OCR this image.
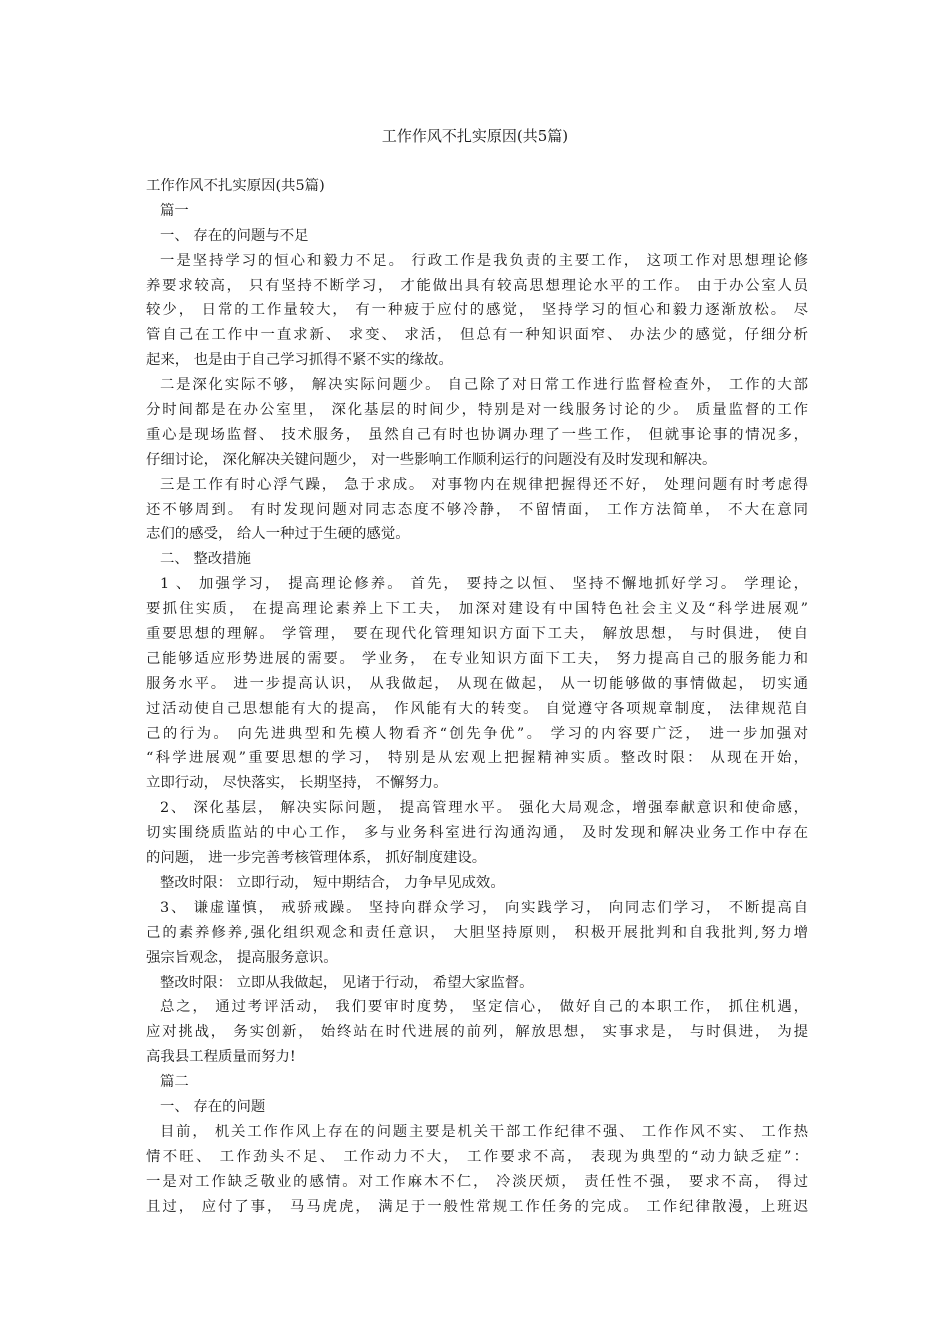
工作作风不扎实原因(共5篇)
工作作风不扎实原因(共5篇)
篇一
一、 存在的问题与不足
一是坚持学习的恒心和毅力不足。 行政工作是我负责的主要工作， 这项工作对思想理论修
养要求较高， 只有坚持不断学习， 才能做出具有较高思想理论水平的工作。 由于办公室人员
较少， 日常的工作量较大， 有一种疲于应付的感觉， 坚持学习的恒心和毅力逐渐放松。 尽
管自己在工作中一直求新、 求变、 求活， 但总有一种知识面窄、 办法少的感觉，仔细分析
起来， 也是由于自己学习抓得不紧不实的缘故。
二是深化实际不够， 解决实际问题少。 自己除了对日常工作进行监督检查外， 工作的大部
分时间都是在办公室里， 深化基层的时间少，特别是对一线服务讨论的少。 质量监督的工作
重心是现场监督、 技术服务， 虽然自己有时也协调办理了一些工作， 但就事论事的情况多，
仔细讨论， 深化解决关键问题少， 对一些影响工作顺利运行的问题没有及时发现和解决。
三是工作有时心浮气躁， 急于求成。 对事物内在规律把握得还不好， 处理问题有时考虑得
还不够周到。 有时发现问题对同志态度不够冷静， 不留情面， 工作方法简单， 不大在意同
志们的感受， 给人一种过于生硬的感觉。
二、 整改措施
1 、 加强学习， 提高理论修养。 首先， 要持之以恒、 坚持不懈地抓好学习。 学理论，
要抓住实质， 在提高理论素养上下工夫， 加深对建设有中国特色社会主义及“科学进展观”
重要思想的理解。 学管理， 要在现代化管理知识方面下工夫， 解放思想， 与时俱进， 使自
己能够适应形势进展的需要。 学业务， 在专业知识方面下工夫， 努力提高自己的服务能力和
服务水平。 进一步提高认识， 从我做起， 从现在做起， 从一切能够做的事情做起， 切实通
过活动使自己思想能有大的提高， 作风能有大的转变。 自觉遵守各项规章制度， 法律规范自
己的行为。 向先进典型和先模人物看齐“创先争优”。 学习的内容要广泛， 进一步加强对
“科学进展观”重要思想的学习， 特别是从宏观上把握精神实质。整改时限： 从现在开始，
立即行动， 尽快落实， 长期坚持， 不懈努力。
2、 深化基层， 解决实际问题， 提高管理水平。 强化大局观念，增强奉献意识和使命感，
切实围绕质监站的中心工作， 多与业务科室进行沟通沟通， 及时发现和解决业务工作中存在
的问题， 进一步完善考核管理体系， 抓好制度建设。
整改时限： 立即行动， 短中期结合， 力争早见成效。
3、 谦虚谨慎， 戒骄戒躁。 坚持向群众学习， 向实践学习， 向同志们学习， 不断提高自
己的素养修养,强化组织观念和责任意识， 大胆坚持原则， 积极开展批判和自我批判,努力增
强宗旨观念， 提高服务意识。
整改时限： 立即从我做起， 见诸于行动， 希望大家监督。
总之， 通过考评活动， 我们要审时度势， 坚定信心， 做好自己的本职工作， 抓住机遇，
应对挑战， 务实创新， 始终站在时代进展的前列，解放思想， 实事求是， 与时俱进， 为提
高我县工程质量而努力!
篇二
一、 存在的问题
目前， 机关工作作风上存在的问题主要是机关干部工作纪律不强、 工作作风不实、 工作热
情不旺、 工作劲头不足、 工作动力不大， 工作要求不高， 表现为典型的“动力缺乏症”：
一是对工作缺乏敬业的感情。对工作麻木不仁， 冷淡厌烦， 责任性不强， 要求不高， 得过
且过， 应付了事， 马马虎虎， 满足于一般性常规工作任务的完成。 工作纪律散漫，上班迟
